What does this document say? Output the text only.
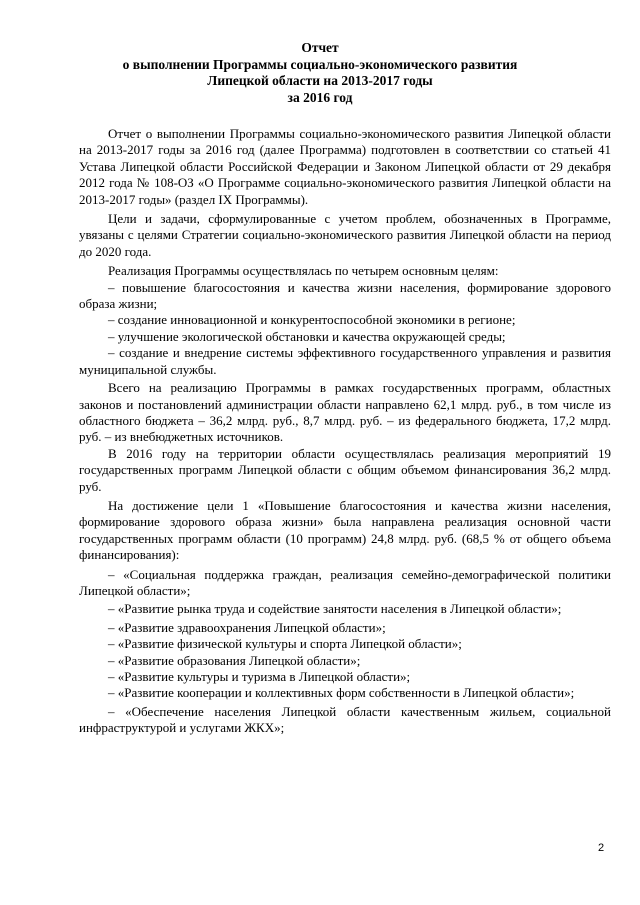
Отчет
о выполнении Программы социально-экономического развития
Липецкой области на 2013-2017 годы
за 2016 год

Отчет о выполнении Программы социально-экономического развития Липецкой области на 2013-2017 годы за 2016 год (далее Программа) подготовлен в соответствии со статьей 41 Устава Липецкой области Российской Федерации и Законом Липецкой области от 29 декабря 2012 года № 108-ОЗ «О Программе социально-экономического развития Липецкой области на 2013-2017 годы» (раздел IX Программы).

Цели и задачи, сформулированные с учетом проблем, обозначенных в Программе, увязаны с целями Стратегии социально-экономического развития Липецкой области на период до 2020 года.

Реализация Программы осуществлялась по четырем основным целям:

– повышение благосостояния и качества жизни населения, формирование здорового образа жизни;

– создание инновационной и конкурентоспособной экономики в регионе;

– улучшение экологической обстановки и качества окружающей среды;

– создание и внедрение системы эффективного государственного управления и развития муниципальной службы.

Всего на реализацию Программы в рамках государственных программ, областных законов и постановлений администрации области направлено 62,1 млрд. руб., в том числе из областного бюджета – 36,2 млрд. руб., 8,7 млрд. руб. – из федерального бюджета, 17,2 млрд. руб. – из внебюджетных источников.

В 2016 году на территории области осуществлялась реализация мероприятий 19 государственных программ Липецкой области с общим объемом финансирования 36,2 млрд. руб.

На достижение цели 1 «Повышение благосостояния и качества жизни населения, формирование здорового образа жизни» была направлена реализация основной части государственных программ области (10 программ) 24,8 млрд. руб. (68,5 % от общего объема финансирования):

– «Социальная поддержка граждан, реализация семейно-демографической политики Липецкой области»;

– «Развитие рынка труда и содействие занятости населения в Липецкой области»;

– «Развитие здравоохранения Липецкой области»;

– «Развитие физической культуры и спорта Липецкой области»;

– «Развитие образования Липецкой области»;

– «Развитие культуры и туризма в Липецкой области»;

– «Развитие кооперации и коллективных форм собственности в Липецкой области»;

– «Обеспечение населения Липецкой области качественным жильем, социальной инфраструктурой и услугами ЖКХ»;

2
